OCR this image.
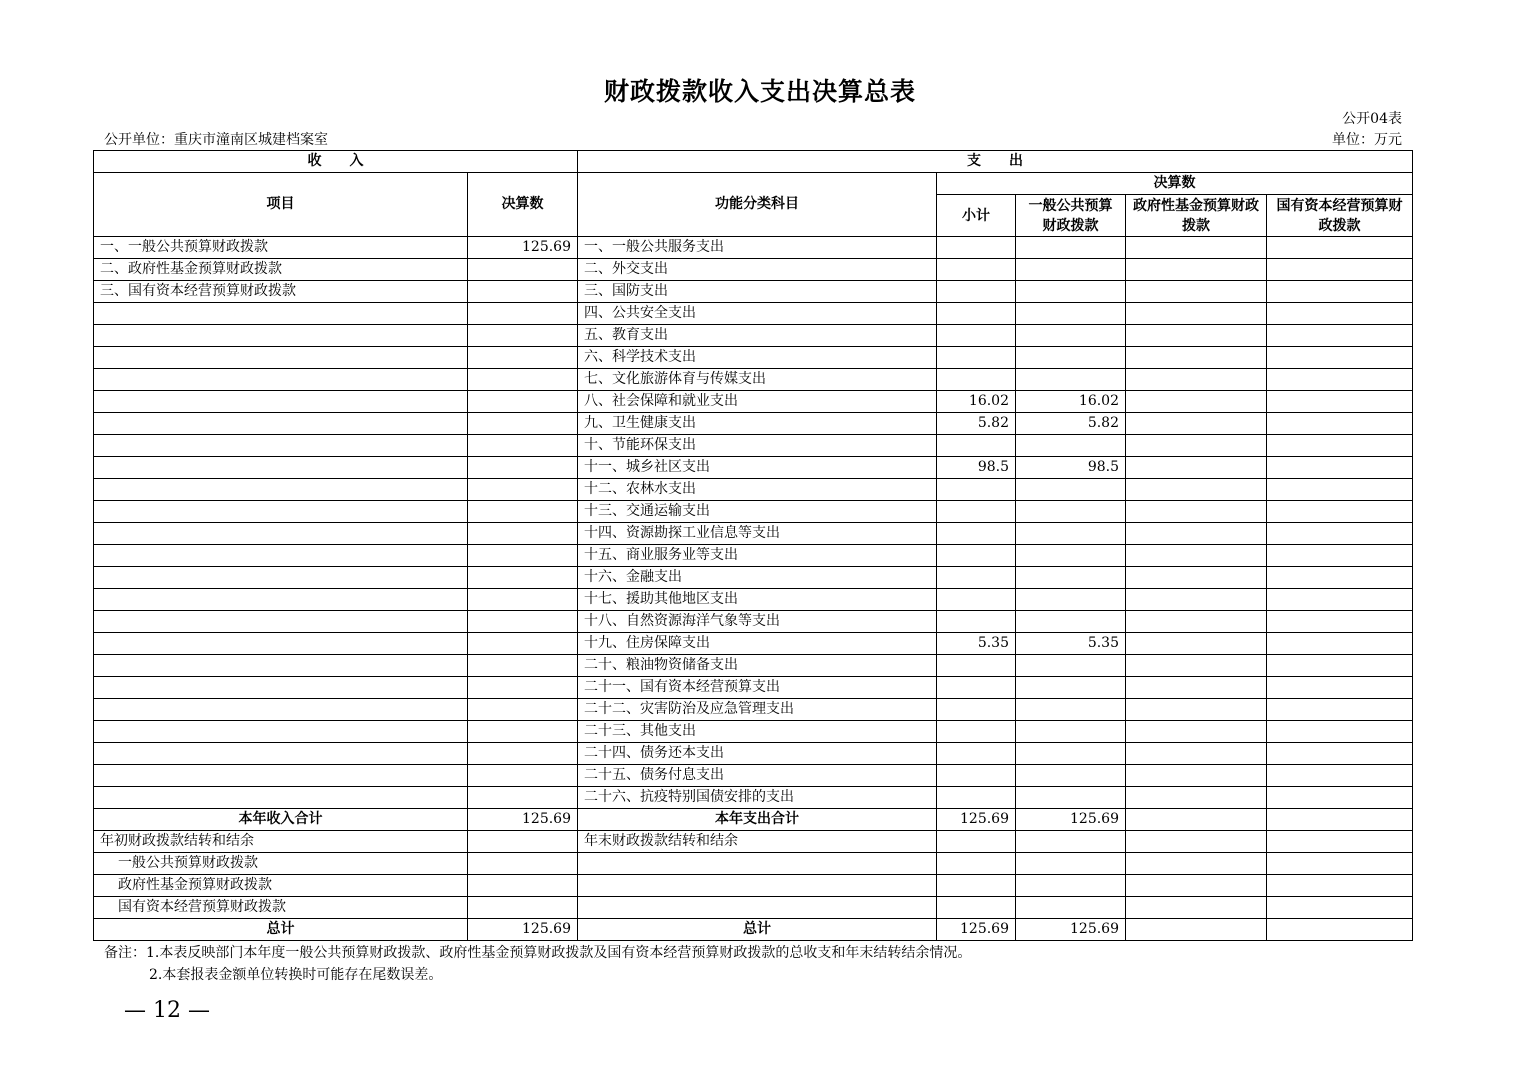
财政拨款收入支出决算总表
公开04表
公开单位：重庆市潼南区城建档案室	单位：万元
收　　入		支　　出				
项目	决算数	功能分类科目	决算数			
			小计	一般公共预算财政拨款	政府性基金预算财政拨款	国有资本经营预算财政拨款
一、一般公共预算财政拨款	125.69	一、一般公共服务支出				
二、政府性基金预算财政拨款		二、外交支出				
三、国有资本经营预算财政拨款		三、国防支出				
		四、公共安全支出				
		五、教育支出				
		六、科学技术支出				
		七、文化旅游体育与传媒支出				
		八、社会保障和就业支出	16.02	16.02		
		九、卫生健康支出	5.82	5.82		
		十、节能环保支出				
		十一、城乡社区支出	98.5	98.5		
		十二、农林水支出				
		十三、交通运输支出				
		十四、资源勘探工业信息等支出				
		十五、商业服务业等支出				
		十六、金融支出				
		十七、援助其他地区支出				
		十八、自然资源海洋气象等支出				
		十九、住房保障支出	5.35	5.35		
		二十、粮油物资储备支出				
		二十一、国有资本经营预算支出				
		二十二、灾害防治及应急管理支出				
		二十三、其他支出				
		二十四、债务还本支出				
		二十五、债务付息支出				
		二十六、抗疫特别国债安排的支出				
本年收入合计	125.69	本年支出合计	125.69	125.69		
年初财政拨款结转和结余		年末财政拨款结转和结余				
一般公共预算财政拨款						
政府性基金预算财政拨款						
国有资本经营预算财政拨款						
总计	125.69	总计	125.69	125.69		
备注：1.本表反映部门本年度一般公共预算财政拨款、政府性基金预算财政拨款及国有资本经营预算财政拨款的总收支和年末结转结余情况。
2.本套报表金额单位转换时可能存在尾数误差。
— 12 —
